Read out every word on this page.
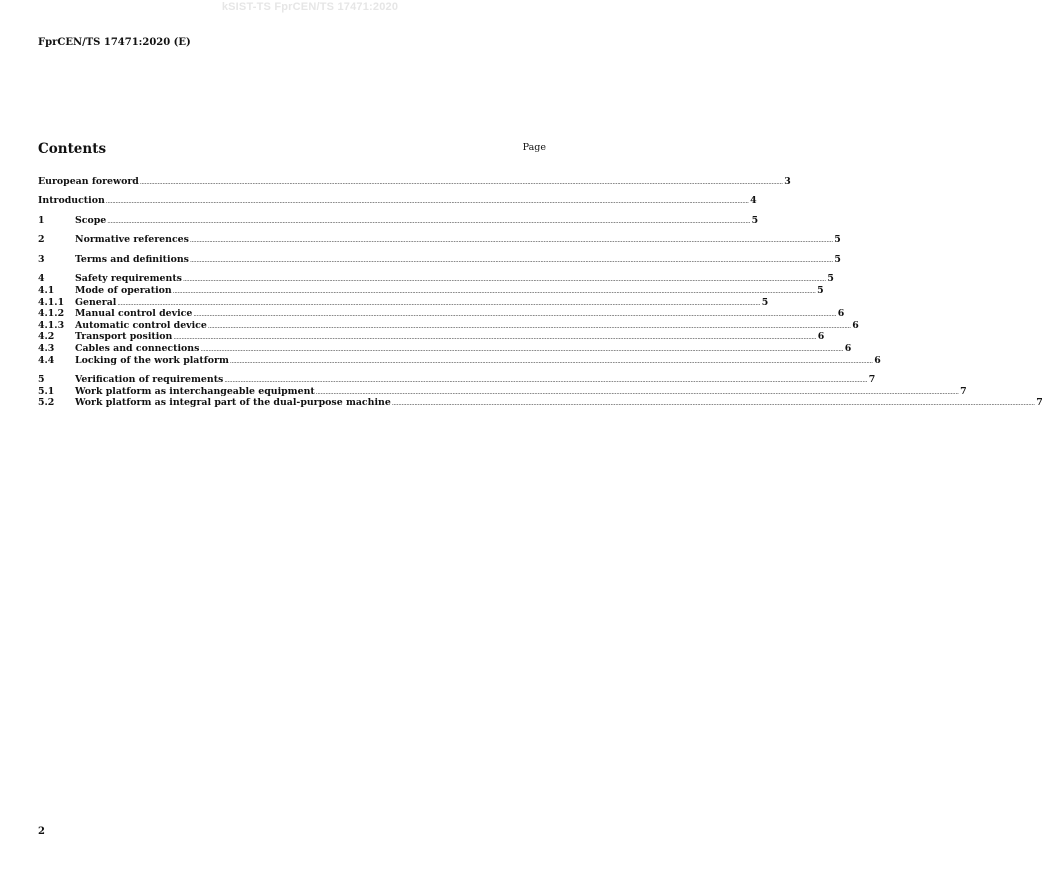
kSIST-TS FprCEN/TS 17471:2020
FprCEN/TS 17471:2020 (E)
Contents	Page
European foreword ................................................................................................................................................................................................................................................................................................................................................................................................................ 3
Introduction ................................................................................................................................................................................................................................................................................................................................................................................................................ 4
1	Scope ................................................................................................................................................................................................................................................................................................................................................................................................................ 5
2	Normative references ................................................................................................................................................................................................................................................................................................................................................................................................................ 5
3	Terms and definitions ................................................................................................................................................................................................................................................................................................................................................................................................................ 5
4	Safety requirements ................................................................................................................................................................................................................................................................................................................................................................................................................ 5
4.1	Mode of operation ................................................................................................................................................................................................................................................................................................................................................................................................................ 5
4.1.1	General ................................................................................................................................................................................................................................................................................................................................................................................................................ 5
4.1.2	Manual control device ................................................................................................................................................................................................................................................................................................................................................................................................................ 6
4.1.3	Automatic control device ................................................................................................................................................................................................................................................................................................................................................................................................................ 6
4.2	Transport position ................................................................................................................................................................................................................................................................................................................................................................................................................ 6
4.3	Cables and connections ................................................................................................................................................................................................................................................................................................................................................................................................................ 6
4.4	Locking of the work platform ................................................................................................................................................................................................................................................................................................................................................................................................................ 6
5	Verification of requirements ................................................................................................................................................................................................................................................................................................................................................................................................................ 7
5.1	Work platform as interchangeable equipment ................................................................................................................................................................................................................................................................................................................................................................................................................ 7
5.2	Work platform as integral part of the dual-purpose machine ................................................................................................................................................................................................................................................................................................................................................................................................................ 7
2
